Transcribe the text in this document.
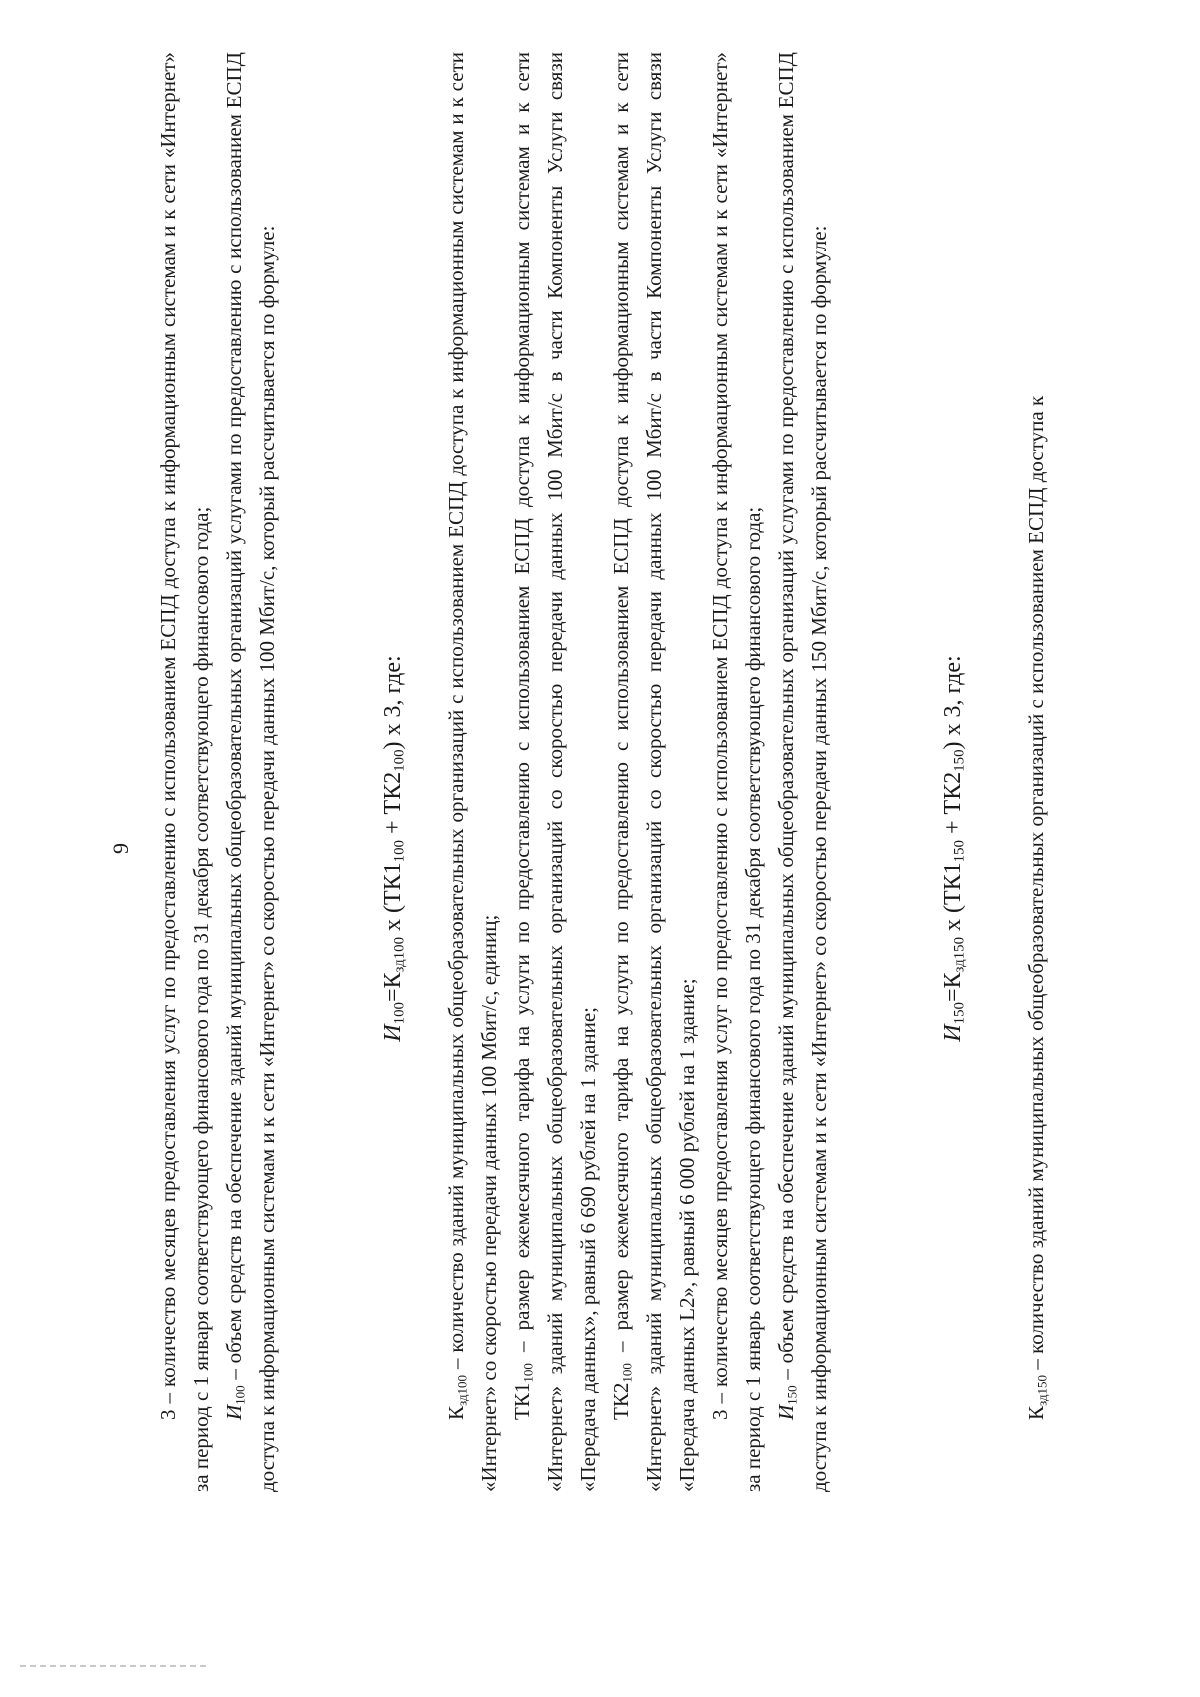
9 3 – количество месяцев предоставления услуг по предоставлению с использованием ЕСПД доступа к информационным системам и к сети «Интернет» за период с 1 января соответствующего финансового года по 31 декабря соответствующего финансового года; $И_{100}$ – объем средств на обеспечение зданий муниципальных общеобразовательных организаций услугами по предоставлению с использованием ЕСПД доступа к информационным системам и к сети «Интернет» со скоростью передачи данных 100 Мбит/с, который рассчитывается по формуле:	$И_{100}=К_{зд100}$ x $(ТК1_{100} + ТК2_{100})$ x 3, где:

$К_{зд100}$ – количество зданий муниципальных общеобразовательных организаций с использованием ЕСПД доступа к информационным системам и к сети «Интернет» со скоростью передачи данных 100 Мбит/с, единиц; $ТК1_{100}$ – размер ежемесячного тарифа на услуги по предоставлению с использованием ЕСПД доступа к информационным системам и к сети «Интернет» зданий муниципальных общеобразовательных организаций со скоростью передачи данных 100 Мбит/с в части Компоненты Услуги связи «Передача данных», равный 6 690 рублей на 1 здание; $ТК2_{100}$ – размер ежемесячного тарифа на услуги по предоставлению с использованием ЕСПД доступа к информационным системам и к сети «Интернет» зданий муниципальных общеобразовательных организаций со скоростью передачи данных 100 Мбит/с в части Компоненты Услуги связи «Передача данных L2», равный 6 000 рублей на 1 здание; 3 – количество месяцев предоставления услуг по предоставлению с использованием ЕСПД доступа к информационным системам и к сети «Интернет» за период с 1 январь соответствующего финансового года по 31 декабря соответствующего финансового года; $И_{150}$ – объем средств на обеспечение зданий муниципальных общеобразовательных организаций услугами по предоставлению с использованием ЕСПД доступа к информационным системам и к сети «Интернет» со скоростью передачи данных 150 Мбит/с, который рассчитывается по формуле:	$И_{150}=К_{зд150}$ x $(ТК1_{150} + ТК2_{150})$ x 3, где:

$К_{зд150}$ – количество зданий муниципальных общеобразовательных организаций с использованием ЕСПД доступа к
